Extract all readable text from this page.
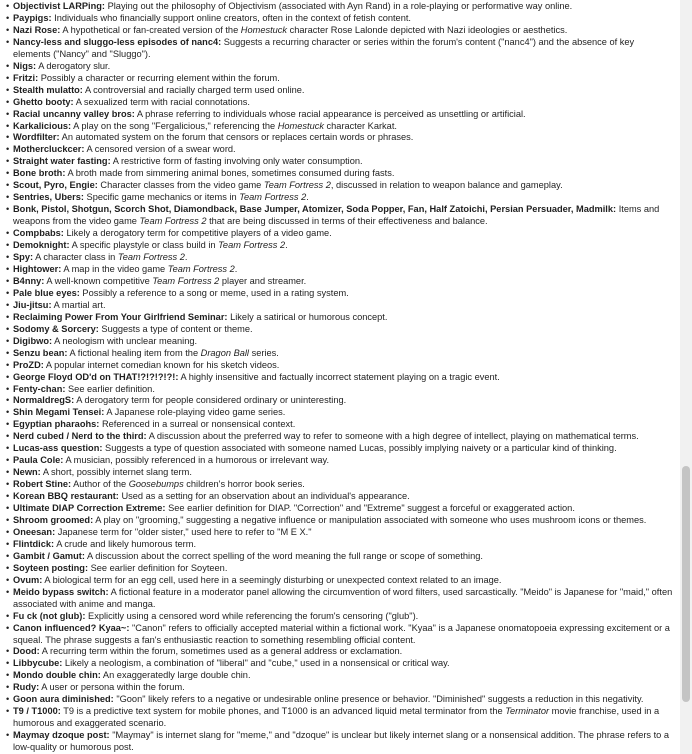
• Objectivist LARPing: Playing out the philosophy of Objectivism (associated with Ayn Rand) in a role-playing or performative way online.
• Paypigs: Individuals who financially support online creators, often in the context of fetish content.
• Nazi Rose: A hypothetical or fan-created version of the Homestuck character Rose Lalonde depicted with Nazi ideologies or aesthetics.
• Nancy-less and sluggo-less episodes of nanc4: Suggests a recurring character or series within the forum's content ("nanc4") and the absence of key elements ("Nancy" and "Sluggo").
• Nigs: A derogatory slur.
• Fritzi: Possibly a character or recurring element within the forum.
• Stealth mulatto: A controversial and racially charged term used online.
• Ghetto booty: A sexualized term with racial connotations.
• Racial uncanny valley bros: A phrase referring to individuals whose racial appearance is perceived as unsettling or artificial.
• Karkalicious: A play on the song "Fergalicious," referencing the Homestuck character Karkat.
• Wordfilter: An automated system on the forum that censors or replaces certain words or phrases.
• Mothercluckcer: A censored version of a swear word.
• Straight water fasting: A restrictive form of fasting involving only water consumption.
• Bone broth: A broth made from simmering animal bones, sometimes consumed during fasts.
• Scout, Pyro, Engie: Character classes from the video game Team Fortress 2, discussed in relation to weapon balance and gameplay.
• Sentries, Ubers: Specific game mechanics or items in Team Fortress 2.
• Bonk, Pistol, Shotgun, Scorch Shot, Diamondback, Base Jumper, Atomizer, Soda Popper, Fan, Half Zatoichi, Persian Persuader, Madmilk: Items and weapons from the video game Team Fortress 2 that are being discussed in terms of their effectiveness and balance.
• Compbabs: Likely a derogatory term for competitive players of a video game.
• Demoknight: A specific playstyle or class build in Team Fortress 2.
• Spy: A character class in Team Fortress 2.
• Hightower: A map in the video game Team Fortress 2.
• B4nny: A well-known competitive Team Fortress 2 player and streamer.
• Pale blue eyes: Possibly a reference to a song or meme, used in a rating system.
• Jiu-jitsu: A martial art.
• Reclaiming Power From Your Girlfriend Seminar: Likely a satirical or humorous concept.
• Sodomy & Sorcery: Suggests a type of content or theme.
• Digibwo: A neologism with unclear meaning.
• Senzu bean: A fictional healing item from the Dragon Ball series.
• ProZD: A popular internet comedian known for his sketch videos.
• George Floyd OD'd on THAT!?!?!?!?!: A highly insensitive and factually incorrect statement playing on a tragic event.
• Fenty-chan: See earlier definition.
• NormaldregS: A derogatory term for people considered ordinary or uninteresting.
• Shin Megami Tensei: A Japanese role-playing video game series.
• Egyptian pharaohs: Referenced in a surreal or nonsensical context.
• Nerd cubed / Nerd to the third: A discussion about the preferred way to refer to someone with a high degree of intellect, playing on mathematical terms.
• Lucas-ass question: Suggests a type of question associated with someone named Lucas, possibly implying naivety or a particular kind of thinking.
• Paula Cole: A musician, possibly referenced in a humorous or irrelevant way.
• Newn: A short, possibly internet slang term.
• Robert Stine: Author of the Goosebumps children's horror book series.
• Korean BBQ restaurant: Used as a setting for an observation about an individual's appearance.
• Ultimate DIAP Correction Extreme: See earlier definition for DIAP. "Correction" and "Extreme" suggest a forceful or exaggerated action.
• Shroom groomed: A play on "grooming," suggesting a negative influence or manipulation associated with someone who uses mushroom icons or themes.
• Oneesan: Japanese term for "older sister," used here to refer to "M E X."
• Flintdick: A crude and likely humorous term.
• Gambit / Gamut: A discussion about the correct spelling of the word meaning the full range or scope of something.
• Soyteen posting: See earlier definition for Soyteen.
• Ovum: A biological term for an egg cell, used here in a seemingly disturbing or unexpected context related to an image.
• Meido bypass switch: A fictional feature in a moderator panel allowing the circumvention of word filters, used sarcastically. "Meido" is Japanese for "maid," often associated with anime and manga.
• Fu ck (not glub): Explicitly using a censored word while referencing the forum's censoring ("glub").
• Canon influenced? Kyaa~: "Canon" refers to officially accepted material within a fictional work. "Kyaa" is a Japanese onomatopoeia expressing excitement or a squeal. The phrase suggests a fan's enthusiastic reaction to something resembling official content.
• Dood: A recurring term within the forum, sometimes used as a general address or exclamation.
• Libbycube: Likely a neologism, a combination of "liberal" and "cube," used in a nonsensical or critical way.
• Mondo double chin: An exaggeratedly large double chin.
• Rudy: A user or persona within the forum.
• Goon aura diminished: "Goon" likely refers to a negative or undesirable online presence or behavior. "Diminished" suggests a reduction in this negativity.
• T9 / T1000: T9 is a predictive text system for mobile phones, and T1000 is an advanced liquid metal terminator from the Terminator movie franchise, used in a humorous and exaggerated scenario.
• Maymay dzoque post: "Maymay" is internet slang for "meme," and "dzoque" is unclear but likely internet slang or a nonsensical addition. The phrase refers to a low-quality or humorous post.
